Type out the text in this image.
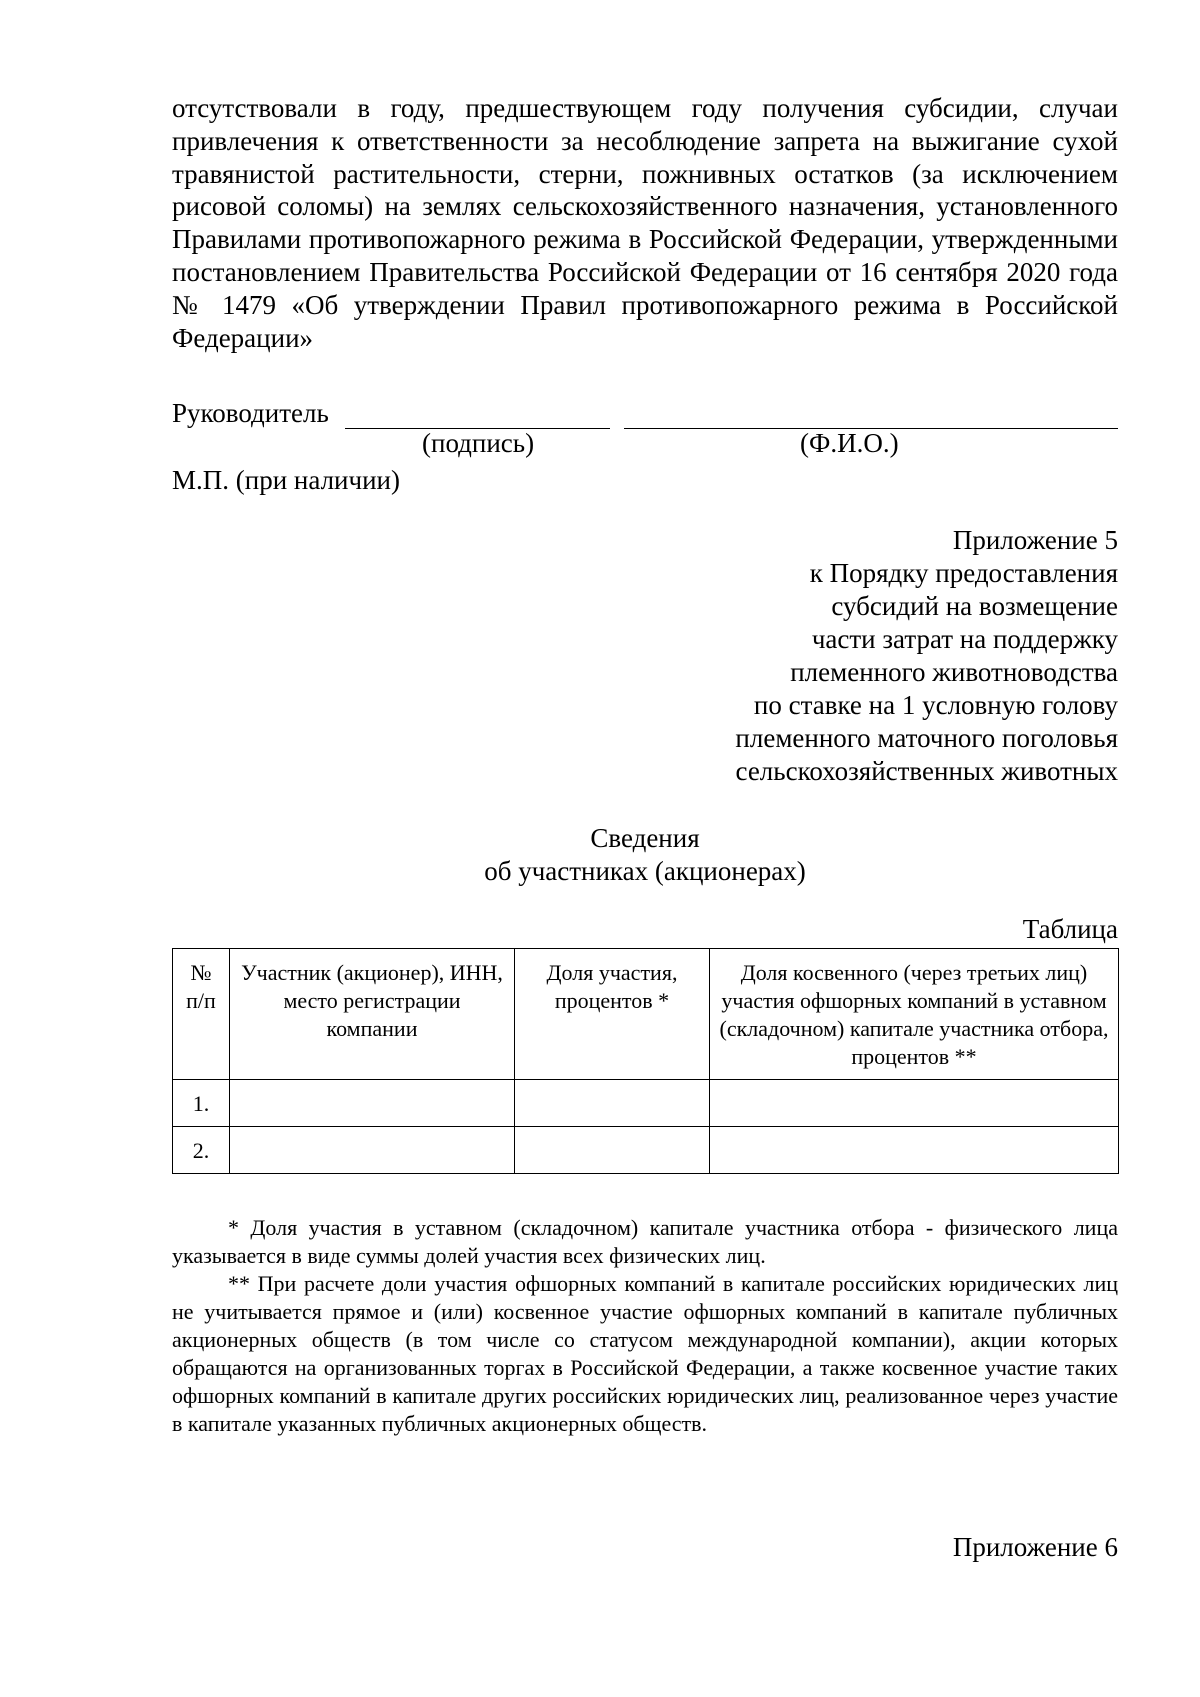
отсутствовали в году, предшествующем году получения субсидии, случаи привлечения к ответственности за несоблюдение запрета на выжигание сухой травянистой растительности, стерни, пожнивных остатков (за исключением рисовой соломы) на землях сельскохозяйственного назначения, установленного Правилами противопожарного режима в Российской Федерации, утвержденными постановлением Правительства Российской Федерации от 16 сентября 2020 года № 1479 «Об утверждении Правил противопожарного режима в Российской Федерации»

Руководитель
(подпись)	(Ф.И.О.)
М.П. (при наличии)
Приложение 5
к Порядку предоставления
субсидий на возмещение
части затрат на поддержку
племенного животноводства
по ставке на 1 условную голову
племенного маточного поголовья
сельскохозяйственных животных
Сведения
об участниках (акционерах)
Таблица
№ п/п	Участник (акционер), ИНН, место регистрации компании	Доля участия, процентов *	Доля косвенного (через третьих лиц) участия офшорных компаний в уставном (складочном) капитале участника отбора, процентов **
1.			
2.			

* Доля участия в уставном (складочном) капитале участника отбора - физического лица указывается в виде суммы долей участия всех физических лиц.

** При расчете доли участия офшорных компаний в капитале российских юридических лиц не учитывается прямое и (или) косвенное участие офшорных компаний в капитале публичных акционерных обществ (в том числе со статусом международной компании), акции которых обращаются на организованных торгах в Российской Федерации, а также косвенное участие таких офшорных компаний в капитале других российских юридических лиц, реализованное через участие в капитале указанных публичных акционерных обществ.

Приложение 6
